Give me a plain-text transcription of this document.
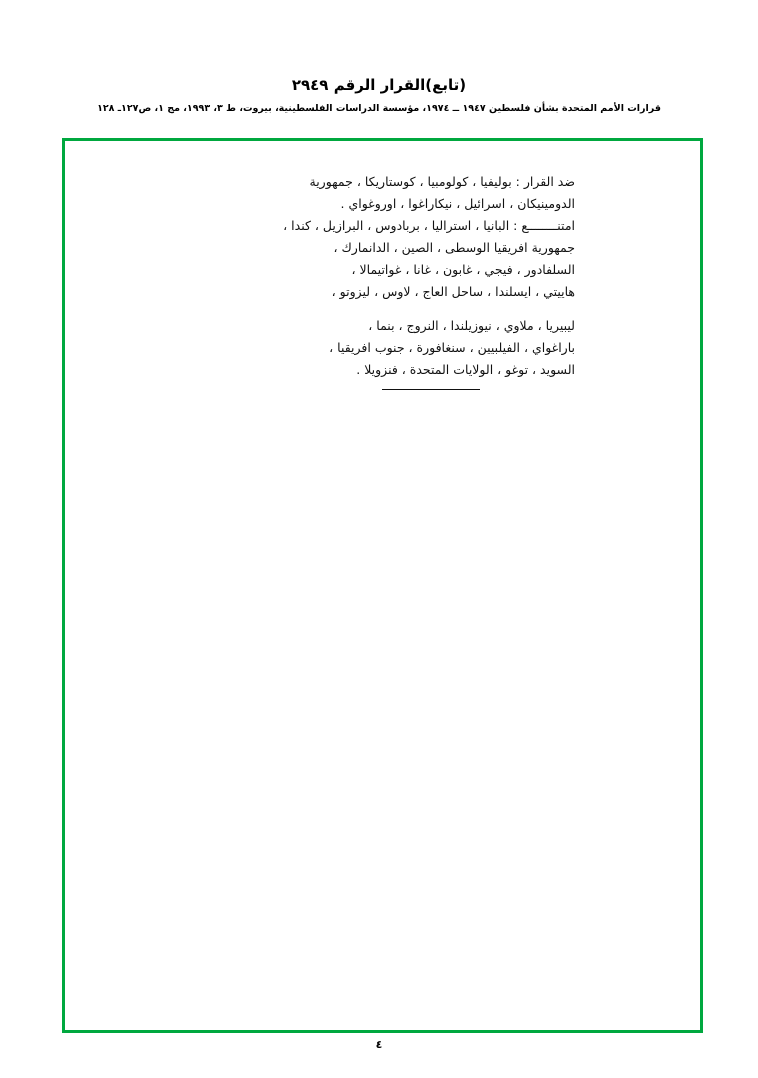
(تابع)القرار الرقم ٢٩٤٩
قرارات الأمم المتحدة بشأن فلسطين ١٩٤٧ ــ ١٩٧٤، مؤسسة الدراسات الفلسطينية، بيروت، ط ٣، ١٩٩٣، مج ١، ص١٢٧ـ ١٢٨
ضد القرار : بوليفيا ، كولومبيا ، كوستاريكا ، جمهورية
الدومينيكان ، اسرائيل ، نيكاراغوا ، اوروغواي .
امتنــــــــع : البانيا ، استراليا ، بربادوس ، البرازيل ، كندا ،
جمهورية افريقيا الوسطى ، الصين ، الدانمارك ،
السلفادور ، فيجي ، غابون ، غانا ، غواتيمالا ،
هاييتي ، ايسلندا ، ساحل العاج ، لاوس ، ليزوتو ،
ليبيريا ، ملاوي ، نيوزيلندا ، النروج ، بنما ،
باراغواي ، الفيلبيين ، سنغافورة ، جنوب افريقيا ،
السويد ، توغو ، الولايات المتحدة ، فنزويلا .
٤
